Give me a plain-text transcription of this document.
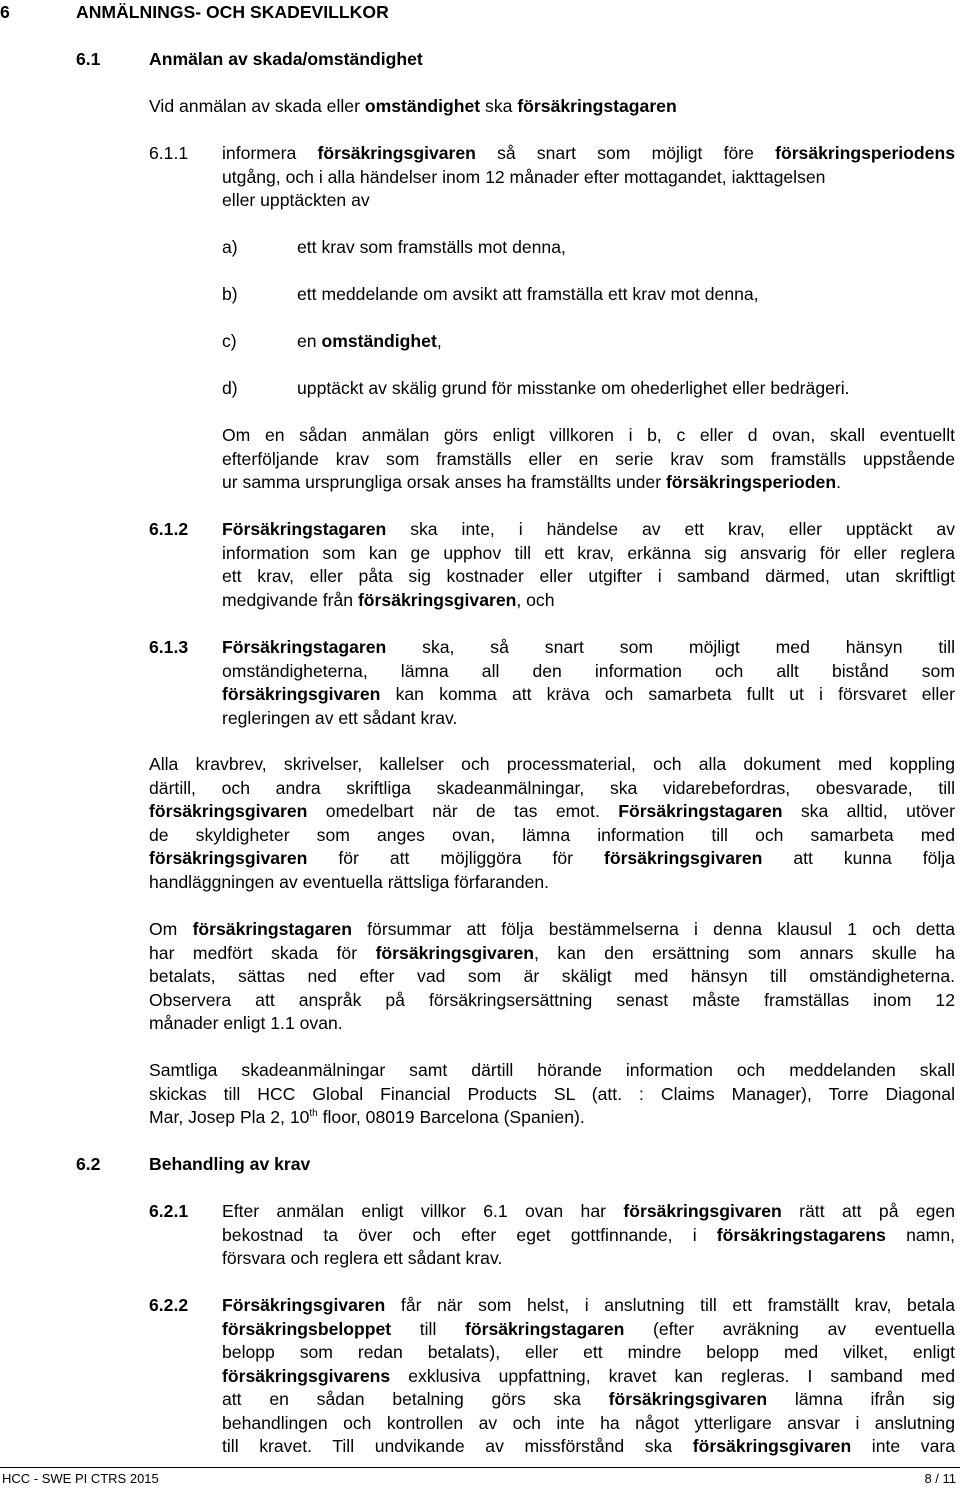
6	ANMÄLNINGS- OCH SKADEVILLKOR
6.1	Anmälan av skada/omständighet
Vid anmälan av skada eller omständighet ska försäkringstagaren
6.1.1 informera försäkringsgivaren så snart som möjligt före försäkringsperiodens
utgång, och i alla händelser inom 12 månader efter mottagandet, iakttagelsen
eller upptäckten av
a)	ett krav som framställs mot denna,
b)	ett meddelande om avsikt att framställa ett krav mot denna,
c)	en omständighet,
d)	upptäckt av skälig grund för misstanke om ohederlighet eller bedrägeri.
Om en sådan anmälan görs enligt villkoren i b, c eller d ovan, skall eventuellt
efterföljande krav som framställs eller en serie krav som framställs uppstående
ur samma ursprungliga orsak anses ha framställts under försäkringsperioden.
6.1.2 Försäkringstagaren ska inte, i händelse av ett krav, eller upptäckt av
information som kan ge upphov till ett krav, erkänna sig ansvarig för eller reglera
ett krav, eller påta sig kostnader eller utgifter i samband därmed, utan skriftligt
medgivande från försäkringsgivaren, och
6.1.3 Försäkringstagaren ska, så snart som möjligt med hänsyn till
omständigheterna, lämna all den information och allt bistånd som
försäkringsgivaren kan komma att kräva och samarbeta fullt ut i försvaret eller
regleringen av ett sådant krav.
Alla kravbrev, skrivelser, kallelser och processmaterial, och alla dokument med koppling
därtill, och andra skriftliga skadeanmälningar, ska vidarebefordras, obesvarade, till
försäkringsgivaren omedelbart när de tas emot. Försäkringstagaren ska alltid, utöver
de skyldigheter som anges ovan, lämna information till och samarbeta med
försäkringsgivaren för att möjliggöra för försäkringsgivaren att kunna följa
handläggningen av eventuella rättsliga förfaranden.
Om försäkringstagaren försummar att följa bestämmelserna i denna klausul 1 och detta
har medfört skada för försäkringsgivaren, kan den ersättning som annars skulle ha
betalats, sättas ned efter vad som är skäligt med hänsyn till omständigheterna.
Observera att anspråk på försäkringsersättning senast måste framställas inom 12
månader enligt 1.1 ovan.
Samtliga skadeanmälningar samt därtill hörande information och meddelanden skall
skickas till HCC Global Financial Products SL (att. : Claims Manager), Torre Diagonal
Mar, Josep Pla 2, 10th floor, 08019 Barcelona (Spanien).
6.2	Behandling av krav
6.2.1 Efter anmälan enligt villkor 6.1 ovan har försäkringsgivaren rätt att på egen
bekostnad ta över och efter eget gottfinnande, i försäkringstagarens namn,
försvara och reglera ett sådant krav.
6.2.2 Försäkringsgivaren får när som helst, i anslutning till ett framställt krav, betala
försäkringsbeloppet till försäkringstagaren (efter avräkning av eventuella
belopp som redan betalats), eller ett mindre belopp med vilket, enligt
försäkringsgivarens exklusiva uppfattning, kravet kan regleras. I samband med
att en sådan betalning görs ska försäkringsgivaren lämna ifrån sig
behandlingen och kontrollen av och inte ha något ytterligare ansvar i anslutning
till kravet. Till undvikande av missförstånd ska försäkringsgivaren inte vara
HCC - SWE PI CTRS 2015	8 / 11
